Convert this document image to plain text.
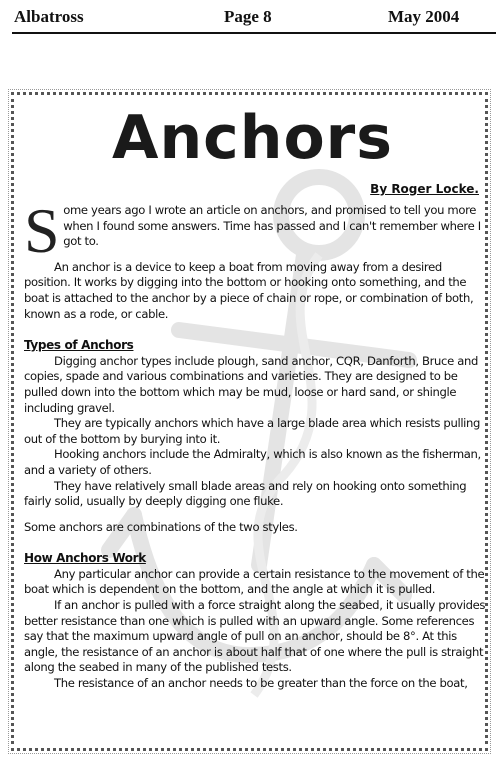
Albatross	Page 8	May 2004
Anchors
By Roger Locke.

Some years ago I wrote an article on anchors, and promised to tell you more when I found some answers. Time has passed and I can't remember where I got to.

An anchor is a device to keep a boat from moving away from a desired position. It works by digging into the bottom or hooking onto something, and the boat is attached to the anchor by a piece of chain or rope, or combination of both, known as a rode, or cable.

Types of Anchors

Digging anchor types include plough, sand anchor, CQR, Danforth, Bruce and copies, spade and various combinations and varieties. They are designed to be pulled down into the bottom which may be mud, loose or hard sand, or shingle including gravel.

They are typically anchors which have a large blade area which resists pulling out of the bottom by burying into it.

Hooking anchors include the Admiralty, which is also known as the fisherman, and a variety of others.

They have relatively small blade areas and rely on hooking onto something fairly solid, usually by deeply digging one fluke.

Some anchors are combinations of the two styles.

How Anchors Work

Any particular anchor can provide a certain resistance to the movement of the boat which is dependent on the bottom, and the angle at which it is pulled.

If an anchor is pulled with a force straight along the seabed, it usually provides better resistance than one which is pulled with an upward angle. Some references say that the maximum upward angle of pull on an anchor, should be 8°. At this angle, the resistance of an anchor is about half that of one where the pull is straight along the seabed in many of the published tests.

The resistance of an anchor needs to be greater than the force on the boat,
